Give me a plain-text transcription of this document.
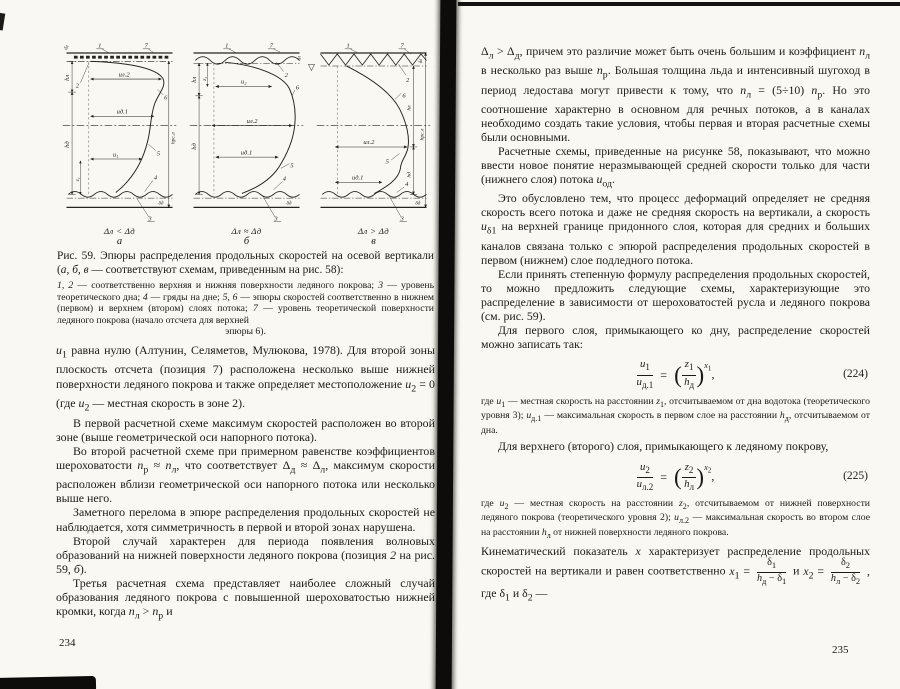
▽
1	7
2
6
5
4
3
uл.2
uд.1
u₁
hл
hд
z₁
hрс.л
δл
δд
Δл < Δд
а
1	7
2
6
5
4
3
u₂
uл.2
uд.1
hл
hд
z₂
δл
δд
Δл ≈ Δд
б
1	7
2
6
5
4
3
uл.2
uд.1
hл
hд
hрс.л
δл
δд
Δл > Δд
в
Рис. 59. Эпюры распределения продольных скоростей на осевой вертикали (а, б, в — соответствуют схемам, приведенным на рис. 58):
1, 2 — соответственно верхняя и нижняя поверхности ледяного покрова; 3 — уровень теоретического дна; 4 — гряды на дне; 5, 6 — эпюры скоростей соответственно в нижнем (первом) и верхнем (втором) слоях потока; 7 — уровень теоретической поверхности ледяного покрова (начало отсчета для верхней
эпюры 6).

$u_1$ равна нулю (Алтунин, Селяметов, Мулюкова, 1978). Для второй зоны плоскость отсчета (позиция 7) расположена несколько выше нижней поверхности ледяного покрова и также определяет местоположение $u_2 = 0$ (где $u_2$ — местная скорость в зоне 2).

В первой расчетной схеме максимум скоростей расположен во второй зоне (выше геометрической оси напорного потока).

Во второй расчетной схеме при примерном равенстве коэффициентов шероховатости $n_р \approx n_л$, что соответствует $\Delta_д \approx \Delta_л$, максимум скорости расположен вблизи геометрической оси напорного потока или несколько выше него.

Заметного перелома в эпюре распределения продольных скоростей не наблюдается, хотя симметричность в первой и второй зонах нарушена.

Второй случай характерен для периода появления волновых образований на нижней поверхности ледяного покрова (позиция 2 на рис. 59, б).

Третья расчетная схема представляет наиболее сложный случай образования ледяного покрова с повышенной шероховатостью нижней кромки, когда $n_л > n_р$ и

234

$\Delta_л > \Delta_д$, причем это различие может быть очень большим и коэффициент $n_л$ в несколько раз выше $n_р$. Большая толщина льда и интенсивный шугоход в период ледостава могут привести к тому, что $n_л = (5\div 10)$ $n_р$. Но это соотношение характерно в основном для речных потоков, а в каналах необходимо создать такие условия, чтобы первая и вторая расчетные схемы были основными.

Расчетные схемы, приведенные на рисунке 58, показывают, что можно ввести новое понятие неразмывающей средней скорости только для части (нижнего слоя) потока $u_{од}$.

Это обусловлено тем, что процесс деформаций определяет не средняя скорость всего потока и даже не средняя скорость на вертикали, а скорость $u_{\delta 1}$ на верхней границе придонного слоя, которая для средних и больших каналов связана только с эпюрой распределения продольных скоростей в первом (нижнем) слое подледного потока.

Если принять степенную формулу распределения продольных скоростей, то можно предложить следующие схемы, характеризующие это распределение в зависимости от шероховатостей русла и ледяного покрова (см. рис. 59).

Для первого слоя, примыкающего ко дну, распределение скоростей можно записать так:

$\frac{u_1}{u_{д.1}}$ = ( $\frac{z_1}{h_д} )^{x_1}$,	(224)
где $u_1$ — местная скорость на расстоянии $z_1$, отсчитываемом от дна водотока (теоретического уровня 3); $u_{д.1}$ — максимальная скорость в первом слое на расстоянии $h_д$, отсчитываемом от дна.

Для верхнего (второго) слоя, примыкающего к ледяному покрову,

$\frac{u_2}{u_{л.2}}$ = ( $\frac{z_2}{h_л} )^{x_2}$,	(225)
где $u_2$ — местная скорость на расстоянии $z_2$, отсчитываемом от нижней поверхности ледяного покрова (теоретического уровня 2); $u_{л.2}$ — максимальная скорость во втором слое на расстоянии $h_л$ от нижней поверхности ледяного покрова.
Кинематический показатель x характеризует распределение продольных скоростей на вертикали и равен соответственно $x_1 = \frac{\delta_1}{h_д - \delta_1}$ и $x_2 = \frac{\delta_2}{h_л - \delta_2}$ , где $\delta_1$ и $\delta_2$ —
235
